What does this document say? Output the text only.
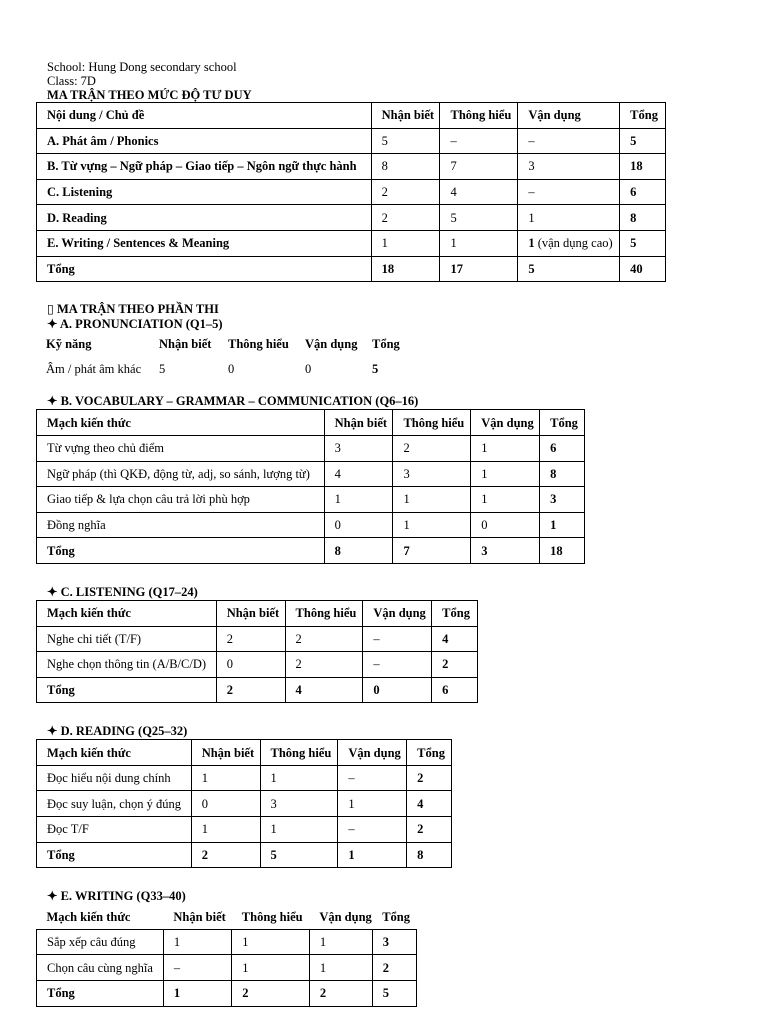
School: Hung Dong secondary school
Class: 7D
MA TRẬN THEO MỨC ĐỘ TƯ DUY
Nội dung / Chủ đề	Nhận biết	Thông hiểu	Vận dụng	Tổng
A. Phát âm / Phonics	5	–	–	5
B. Từ vựng – Ngữ pháp – Giao tiếp – Ngôn ngữ thực hành	8	7	3	18
C. Listening	2	4	–	6
D. Reading	2	5	1	8
E. Writing / Sentences & Meaning	1	1	1 (vận dụng cao)	5
Tổng	18	17	5	40
▯ MA TRẬN THEO PHẦN THI
✦ A. PRONUNCIATION (Q1–5)
Kỹ năng	Nhận biết	Thông hiểu	Vận dụng	Tổng
Âm / phát âm khác	5	0	0	5
✦ B. VOCABULARY – GRAMMAR – COMMUNICATION (Q6–16)
Mạch kiến thức	Nhận biết	Thông hiểu	Vận dụng	Tổng
Từ vựng theo chủ điểm	3	2	1	6
Ngữ pháp (thì QKĐ, động từ, adj, so sánh, lượng từ)	4	3	1	8
Giao tiếp & lựa chọn câu trả lời phù hợp	1	1	1	3
Đồng nghĩa	0	1	0	1
Tổng	8	7	3	18
✦ C. LISTENING (Q17–24)
Mạch kiến thức	Nhận biết	Thông hiểu	Vận dụng	Tổng
Nghe chi tiết (T/F)	2	2	–	4
Nghe chọn thông tin (A/B/C/D)	0	2	–	2
Tổng	2	4	0	6
✦ D. READING (Q25–32)
Mạch kiến thức	Nhận biết	Thông hiểu	Vận dụng	Tổng
Đọc hiểu nội dung chính	1	1	–	2
Đọc suy luận, chọn ý đúng	0	3	1	4
Đọc T/F	1	1	–	2
Tổng	2	5	1	8
✦ E. WRITING (Q33–40)
Mạch kiến thức	Nhận biết	Thông hiểu	Vận dụng	Tổng
Sắp xếp câu đúng	1	1	1	3
Chọn câu cùng nghĩa	–	1	1	2
Tổng	1	2	2	5
